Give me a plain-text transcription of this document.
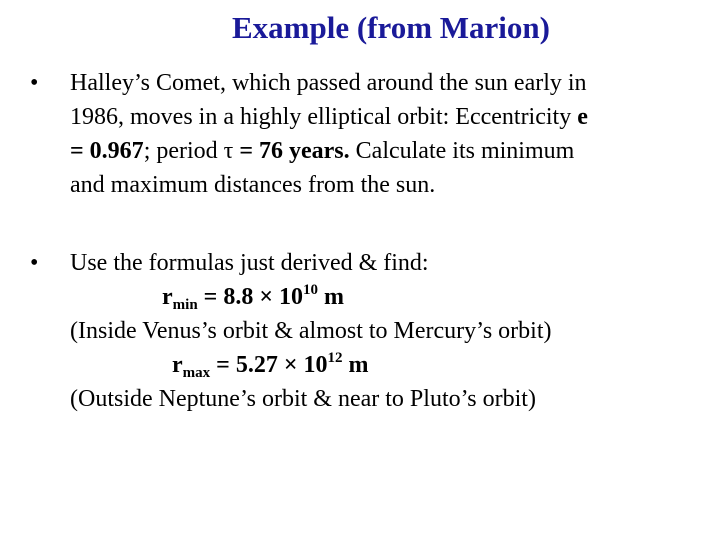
Example (from Marion)
•	Halley’s Comet, which passed around the sun early in
1986, moves in a highly elliptical orbit: Eccentricity e
= 0.967; period τ = 76 years. Calculate its minimum
and maximum distances from the sun.
•	Use the formulas just derived & find:
$r_{min} = 8.8 \times 10^{10}$ m
(Inside Venus’s orbit & almost to Mercury’s orbit)
$r_{max} = 5.27 \times 10^{12}$ m
(Outside Neptune’s orbit & near to Pluto’s orbit)
